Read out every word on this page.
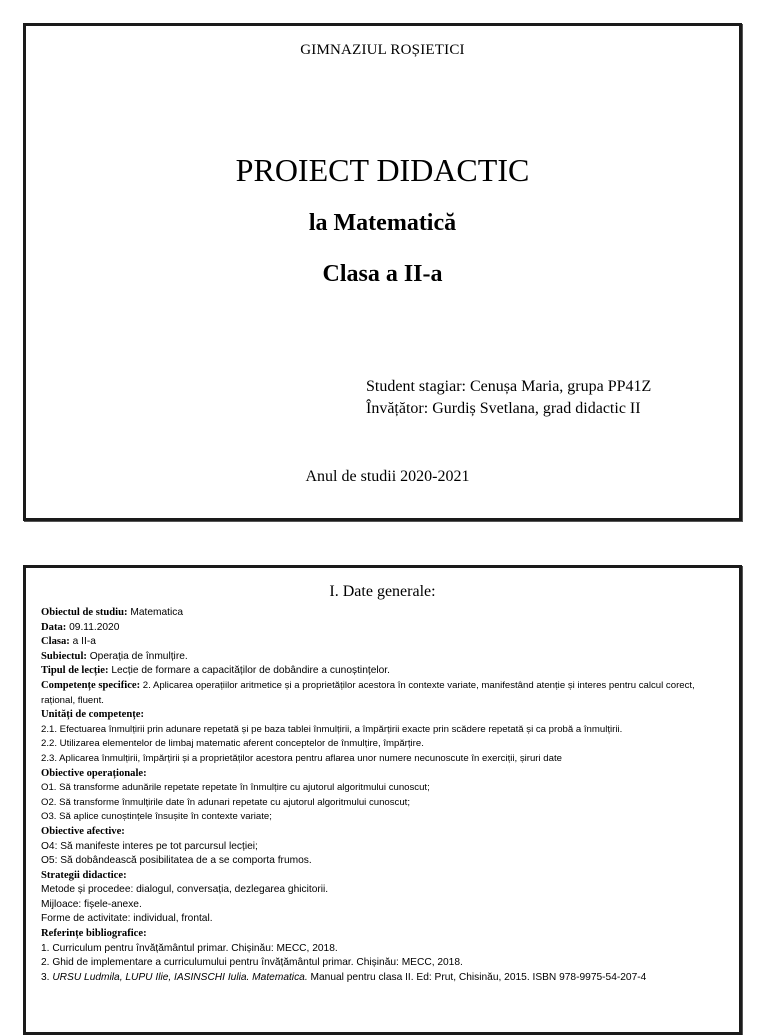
GIMNAZIUL ROȘIETICI
PROIECT DIDACTIC
la Matematică
Clasa a II-a
Student stagiar: Cenușa Maria, grupa PP41Z
Învățător: Gurdiș Svetlana, grad didactic II
Anul de studii 2020-2021
I. Date generale:
Obiectul de studiu: Matematica
Data: 09.11.2020
Clasa: a II-a
Subiectul: Operația de înmulțire.
Tipul de lecție: Lecție de formare a capacităților de dobândire a cunoștințelor.
Competențe specifice: 2. Aplicarea operațiilor aritmetice și a proprietăților acestora în contexte variate, manifestând atenție și interes pentru calcul corect, rațional, fluent.
Unități de competențe:
2.1. Efectuarea înmulțirii prin adunare repetată și pe baza tablei înmulțirii, a împărțirii exacte prin scădere repetată și ca probă a înmulțirii.
2.2. Utilizarea elementelor de limbaj matematic aferent conceptelor de înmulțire, împărțire.
2.3. Aplicarea înmulțirii, împărțirii și a proprietăților acestora pentru aflarea unor numere necunoscute în exerciții, șiruri date
Obiective operaționale:
O1. Să transforme adunările repetate repetate în înmulțire cu ajutorul algoritmului cunoscut;
O2. Să transforme înmulțirile date în adunari repetate cu ajutorul algoritmului cunoscut;
O3. Să aplice cunoștințele însușite în contexte variate;
Obiective afective:
O4: Să manifeste interes pe tot parcursul lecției;
O5: Să dobândească posibilitatea de a se comporta frumos.
Strategii didactice:
Metode și procedee: dialogul, conversația, dezlegarea ghicitorii.
Mijloace: fișele-anexe.
Forme de activitate: individual, frontal.
Referințe bibliografice:
1. Curriculum pentru învățământul primar. Chișinău: MECC, 2018.
2. Ghid de implementare a curriculumului pentru învățământul primar. Chișinău: MECC, 2018.
3. URSU Ludmila, LUPU Ilie, IASINSCHI Iulia. Matematica. Manual pentru clasa II. Ed: Prut, Chisinău, 2015. ISBN 978-9975-54-207-4
